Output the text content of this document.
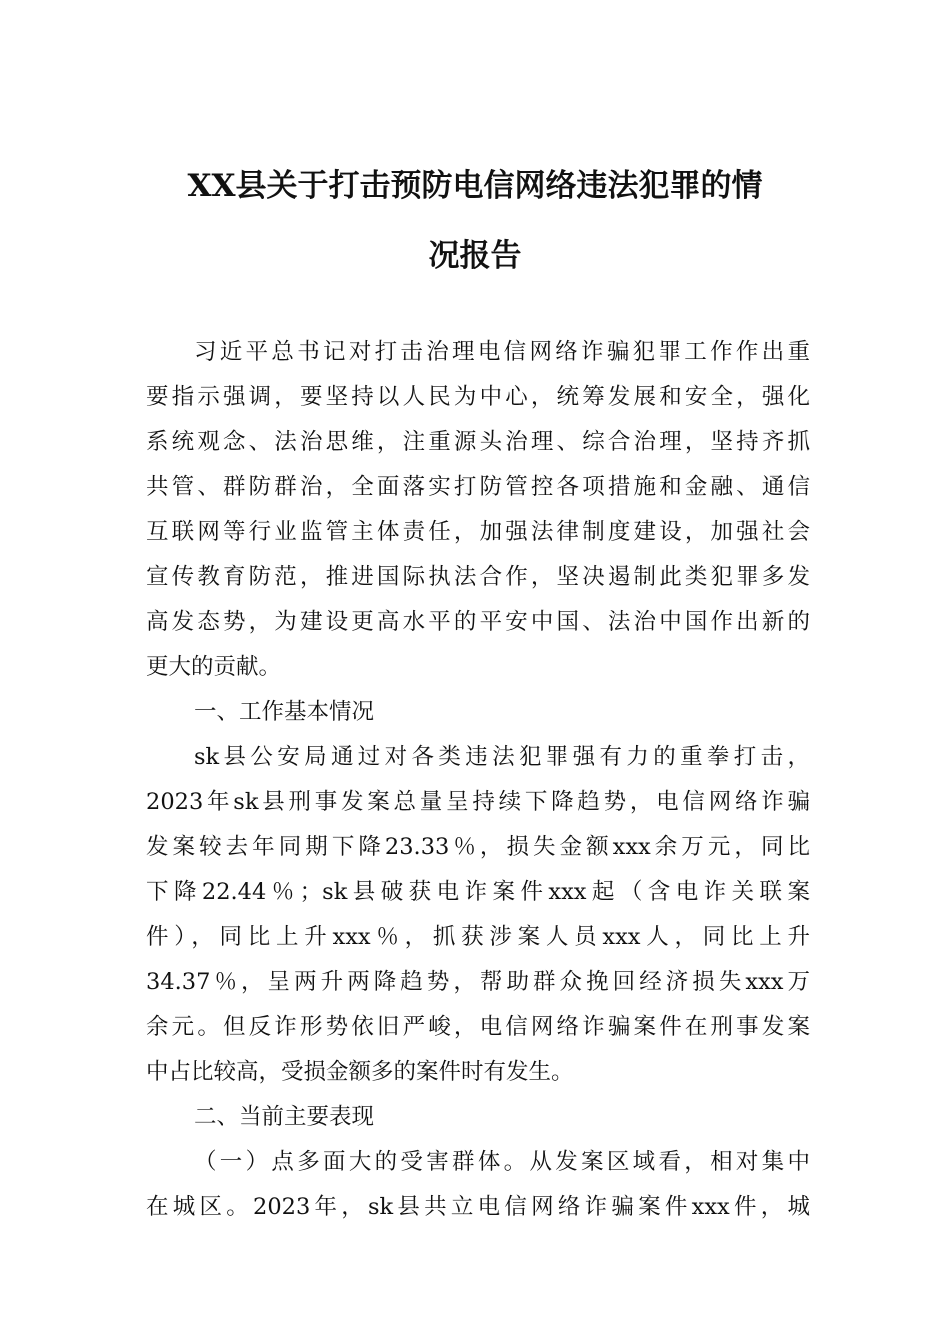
XX县关于打击预防电信网络违法犯罪的情
况报告
习近平总书记对打击治理电信网络诈骗犯罪工作作出重
要指示强调，要坚持以人民为中心，统筹发展和安全，强化
系统观念、法治思维，注重源头治理、综合治理，坚持齐抓
共管、群防群治，全面落实打防管控各项措施和金融、通信
互联网等行业监管主体责任，加强法律制度建设，加强社会
宣传教育防范，推进国际执法合作，坚决遏制此类犯罪多发
高发态势，为建设更高水平的平安中国、法治中国作出新的
更大的贡献。
一、工作基本情况
sk县公安局通过对各类违法犯罪强有力的重拳打击，
2023年sk县刑事发案总量呈持续下降趋势，电信网络诈骗
发案较去年同期下降23.33％，损失金额xxx余万元，同比
下降22.44％；sk县破获电诈案件xxx起（含电诈关联案
件），同比上升xxx％，抓获涉案人员xxx人，同比上升
34.37％，呈两升两降趋势，帮助群众挽回经济损失xxx万
余元。但反诈形势依旧严峻，电信网络诈骗案件在刑事发案
中占比较高，受损金额多的案件时有发生。
二、当前主要表现
（一）点多面大的受害群体。从发案区域看，相对集中
在城区。2023年，sk县共立电信网络诈骗案件xxx件，城
